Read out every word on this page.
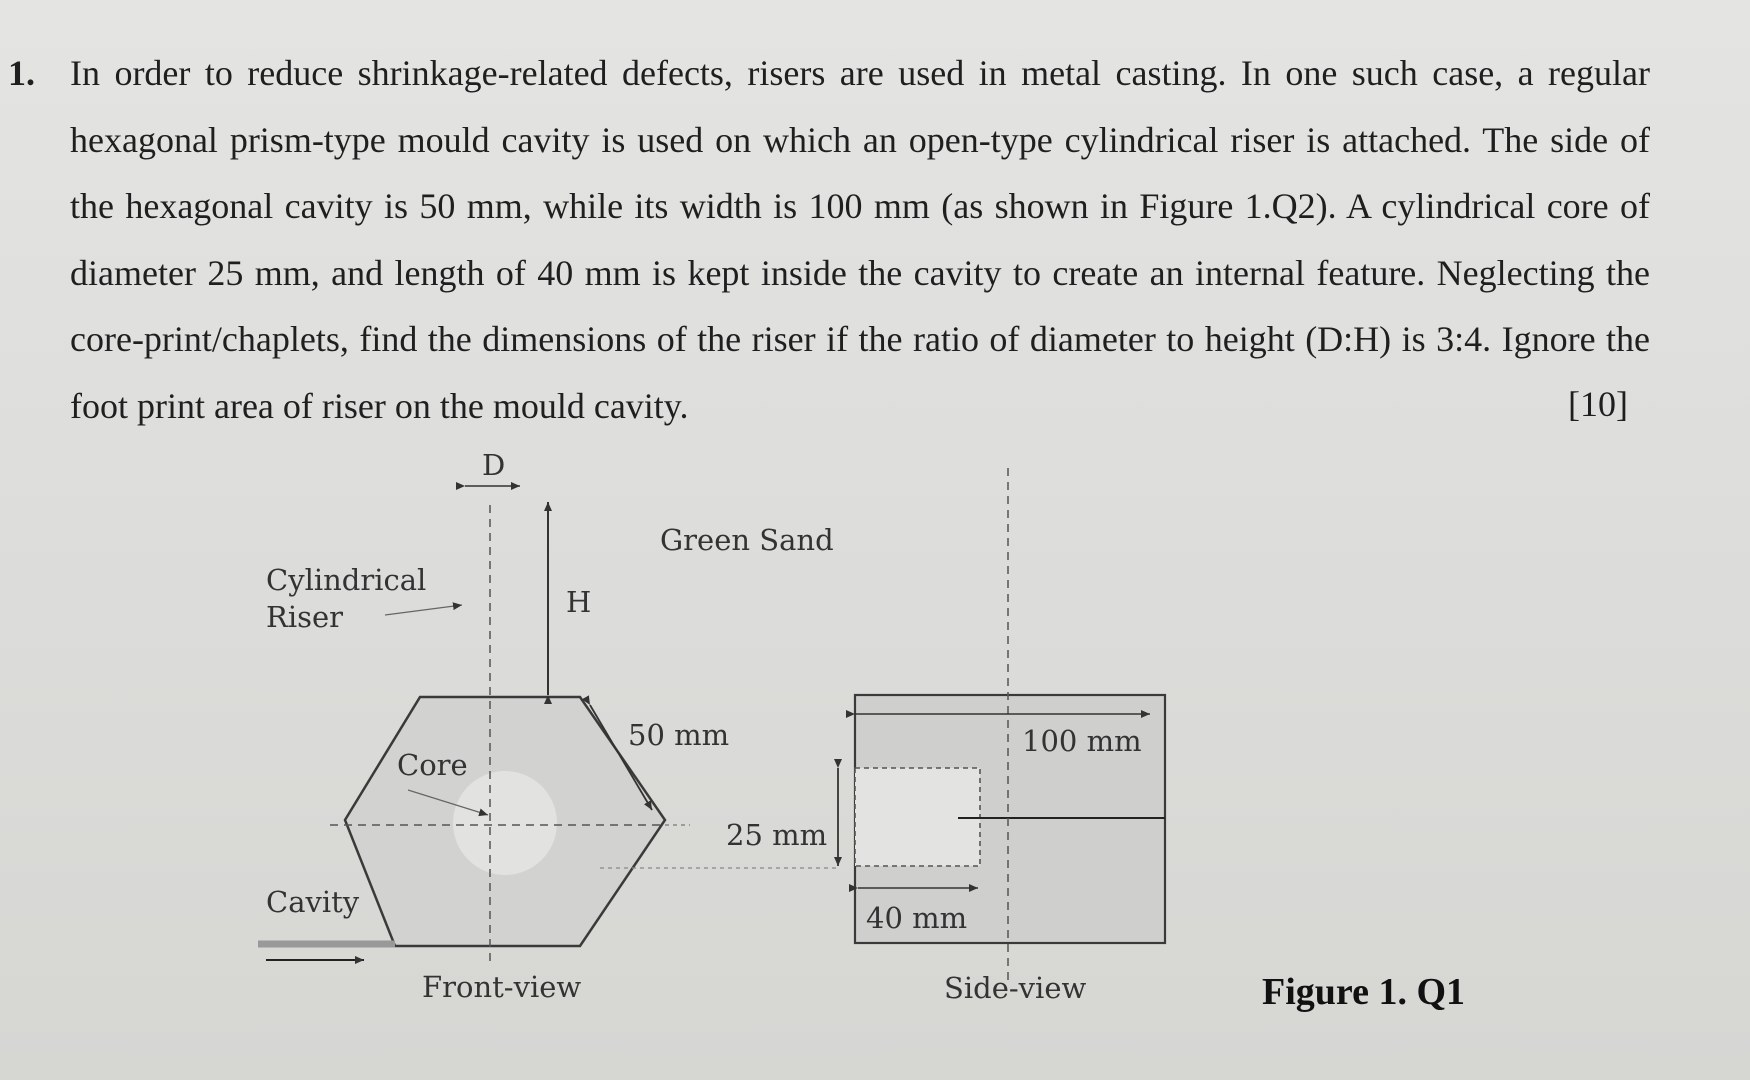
1. In order to reduce shrinkage-related defects, risers are used in metal casting. In one such case, a regular hexagonal prism-type mould cavity is used on which an open-type cylindrical riser is attached. The side of the hexagonal cavity is 50 mm, while its width is 100 mm (as shown in Figure 1.Q2). A cylindrical core of diameter 25 mm, and length of 40 mm is kept inside the cavity to create an internal feature. Neglecting the core-print/chaplets, find the dimensions of the riser if the ratio of diameter to height (D:H) is 3:4. Ignore the foot print area of riser on the mould cavity.	[10]
D
H
Green Sand
Cylindrical
Riser
Core
Cavity
50 mm
Front-view
100 mm
25 mm
40 mm
Side-view	Figure 1. Q1
